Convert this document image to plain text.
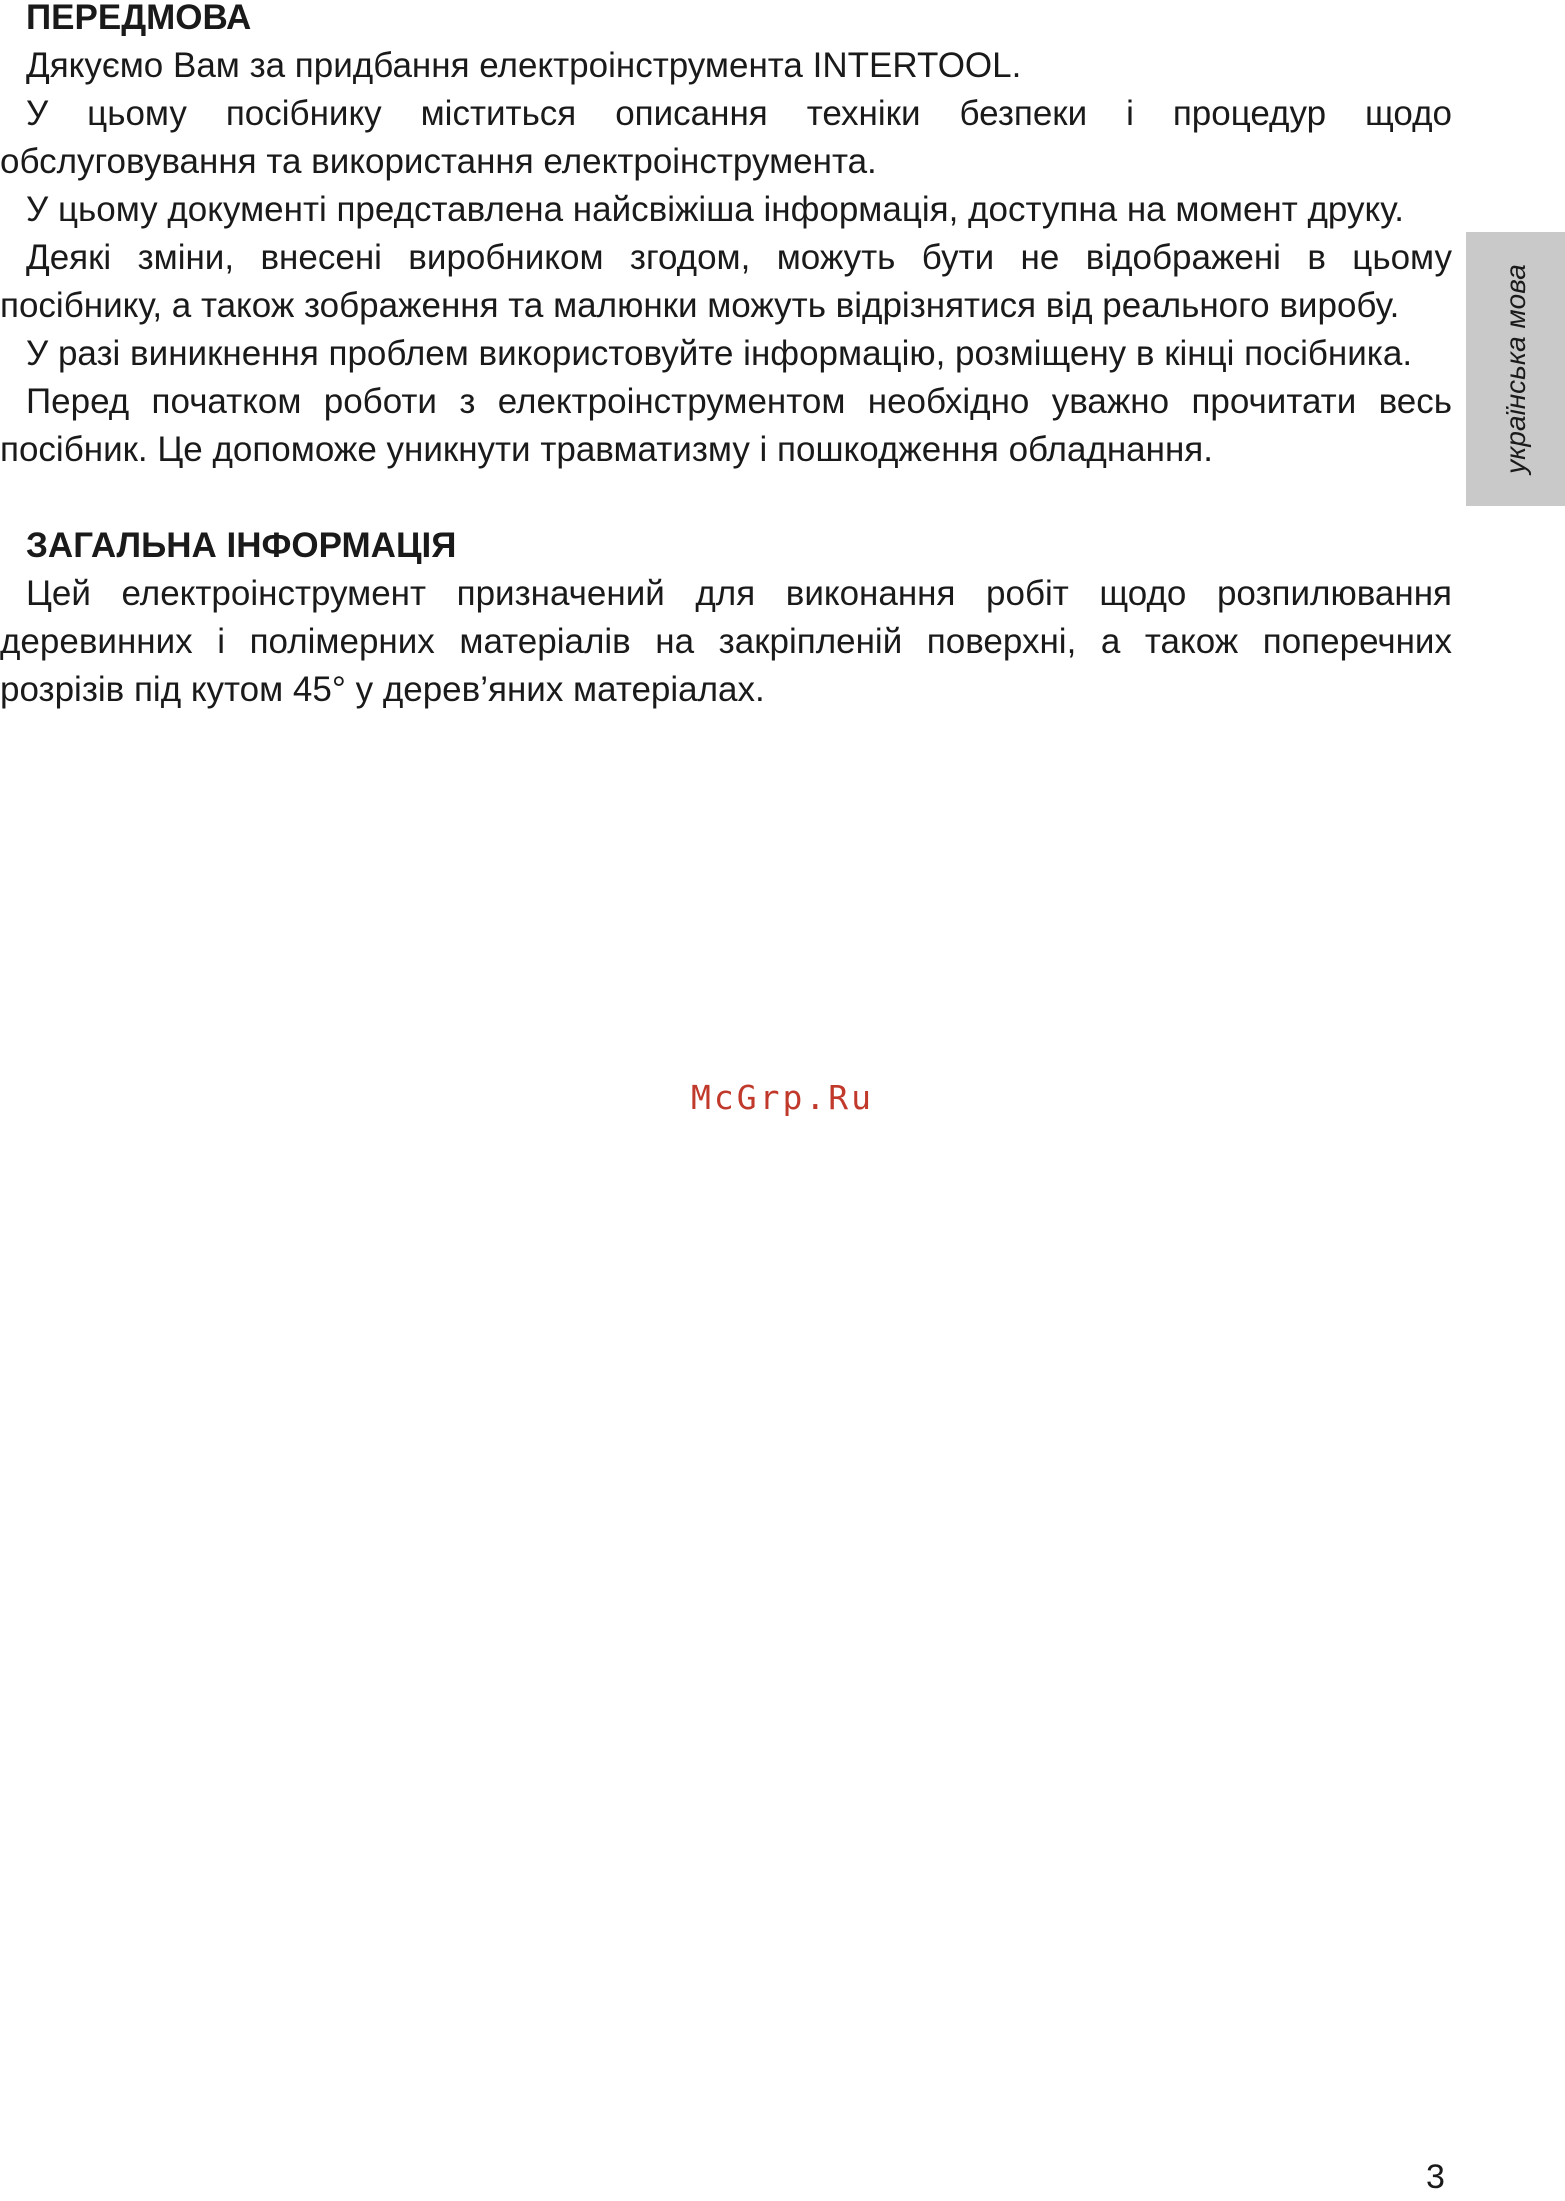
ПЕРЕДМОВА

Дякуємо Вам за придбання електроінструмента INTERTOOL.

У цьому посібнику міститься описання техніки безпеки і процедур щодо обслуговування та використання електроінструмента.

У цьому документі представлена найсвіжіша інформація, доступна на момент друку.

Деякі зміни, внесені виробником згодом, можуть бути не відображені в цьому посібнику, а також зображення та малюнки можуть відрізнятися від реального виробу.

У разі виникнення проблем використовуйте інформацію, розміщену в кінці посібника.

Перед початком роботи з електроінструментом необхідно уважно прочитати весь посібник. Це допоможе уникнути травматизму і пошкодження обладнання.

ЗАГАЛЬНА ІНФОРМАЦІЯ

Цей електроінструмент призначений для виконання робіт щодо розпилювання деревинних і полімерних матеріалів на закріпленій поверхні, а також поперечних розрізів під кутом 45° у дерев’яних матеріалах.

українська мова
McGrp.Ru
3
